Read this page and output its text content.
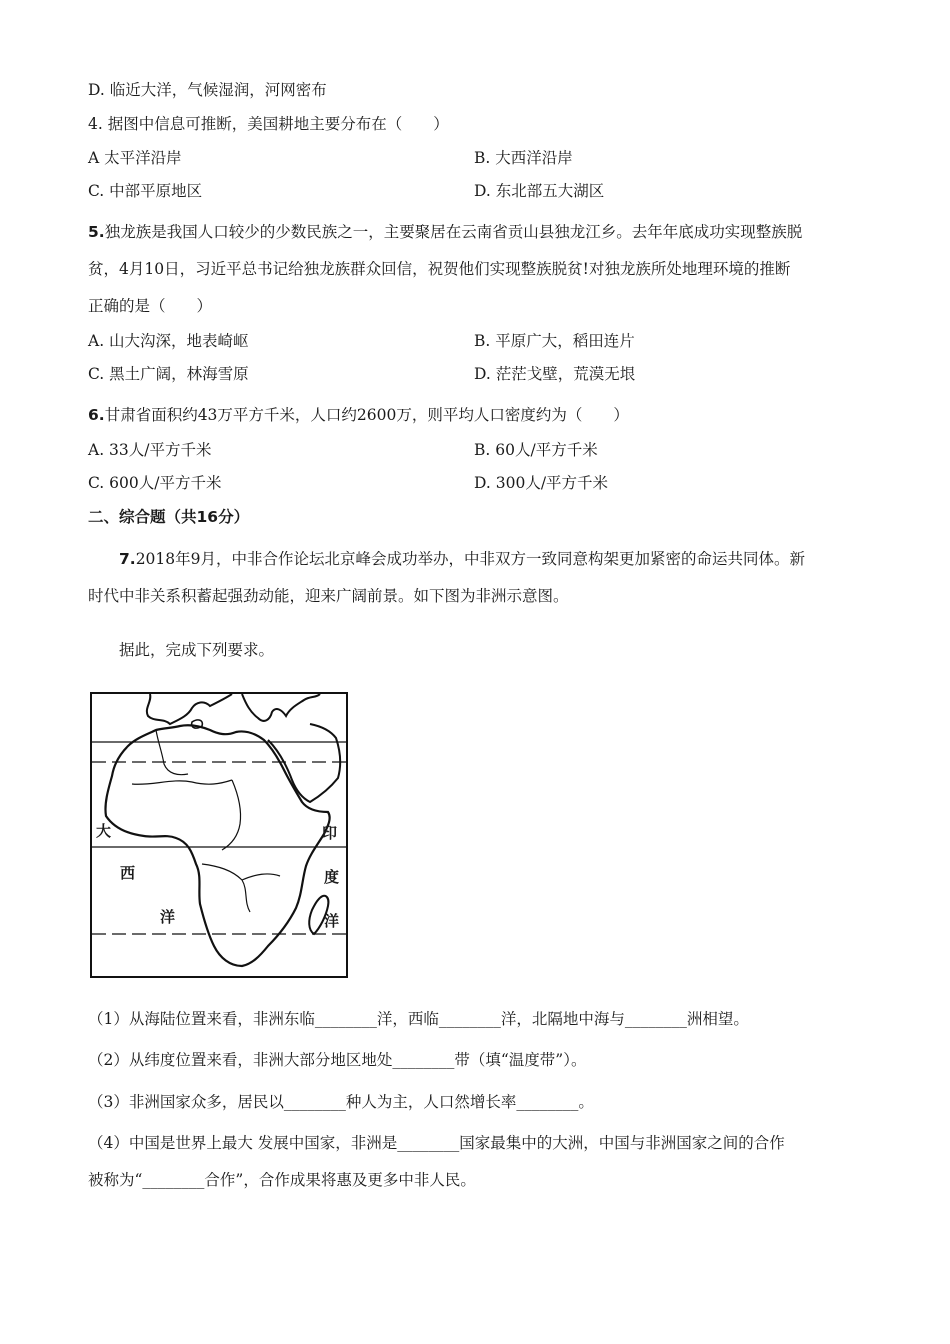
D. 临近大洋，气候湿润，河网密布
4. 据图中信息可推断，美国耕地主要分布在（　　）
A 太平洋沿岸	B. 大西洋沿岸
C. 中部平原地区	D. 东北部五大湖区
5.独龙族是我国人口较少的少数民族之一，主要聚居在云南省贡山县独龙江乡。去年年底成功实现整族脱
贫，4月10日，习近平总书记给独龙族群众回信，祝贺他们实现整族脱贫!对独龙族所处地理环境的推断
正确的是（　　）
A. 山大沟深，地表崎岖	B. 平原广大，稻田连片
C. 黑土广阔，林海雪原	D. 茫茫戈壁，荒漠无垠
6.甘肃省面积约43万平方千米，人口约2600万，则平均人口密度约为（　　）
A. 33人/平方千米	B. 60人/平方千米
C. 600人/平方千米	D. 300人/平方千米
二、综合题（共16分）
7.2018年9月，中非合作论坛北京峰会成功举办，中非双方一致同意构架更加紧密的命运共同体。新
时代中非关系积蓄起强劲动能，迎来广阔前景。如下图为非洲示意图。
据此，完成下列要求。
大
西
洋
印
度
洋
（1）从海陆位置来看，非洲东临________洋，西临________洋，北隔地中海与________洲相望。
（2）从纬度位置来看，非洲大部分地区地处________带（填“温度带”）。
（3）非洲国家众多，居民以________种人为主，人口然增长率________。
（4）中国是世界上最大 发展中国家，非洲是________国家最集中的大洲，中国与非洲国家之间的合作
被称为“________合作”，合作成果将惠及更多中非人民。
